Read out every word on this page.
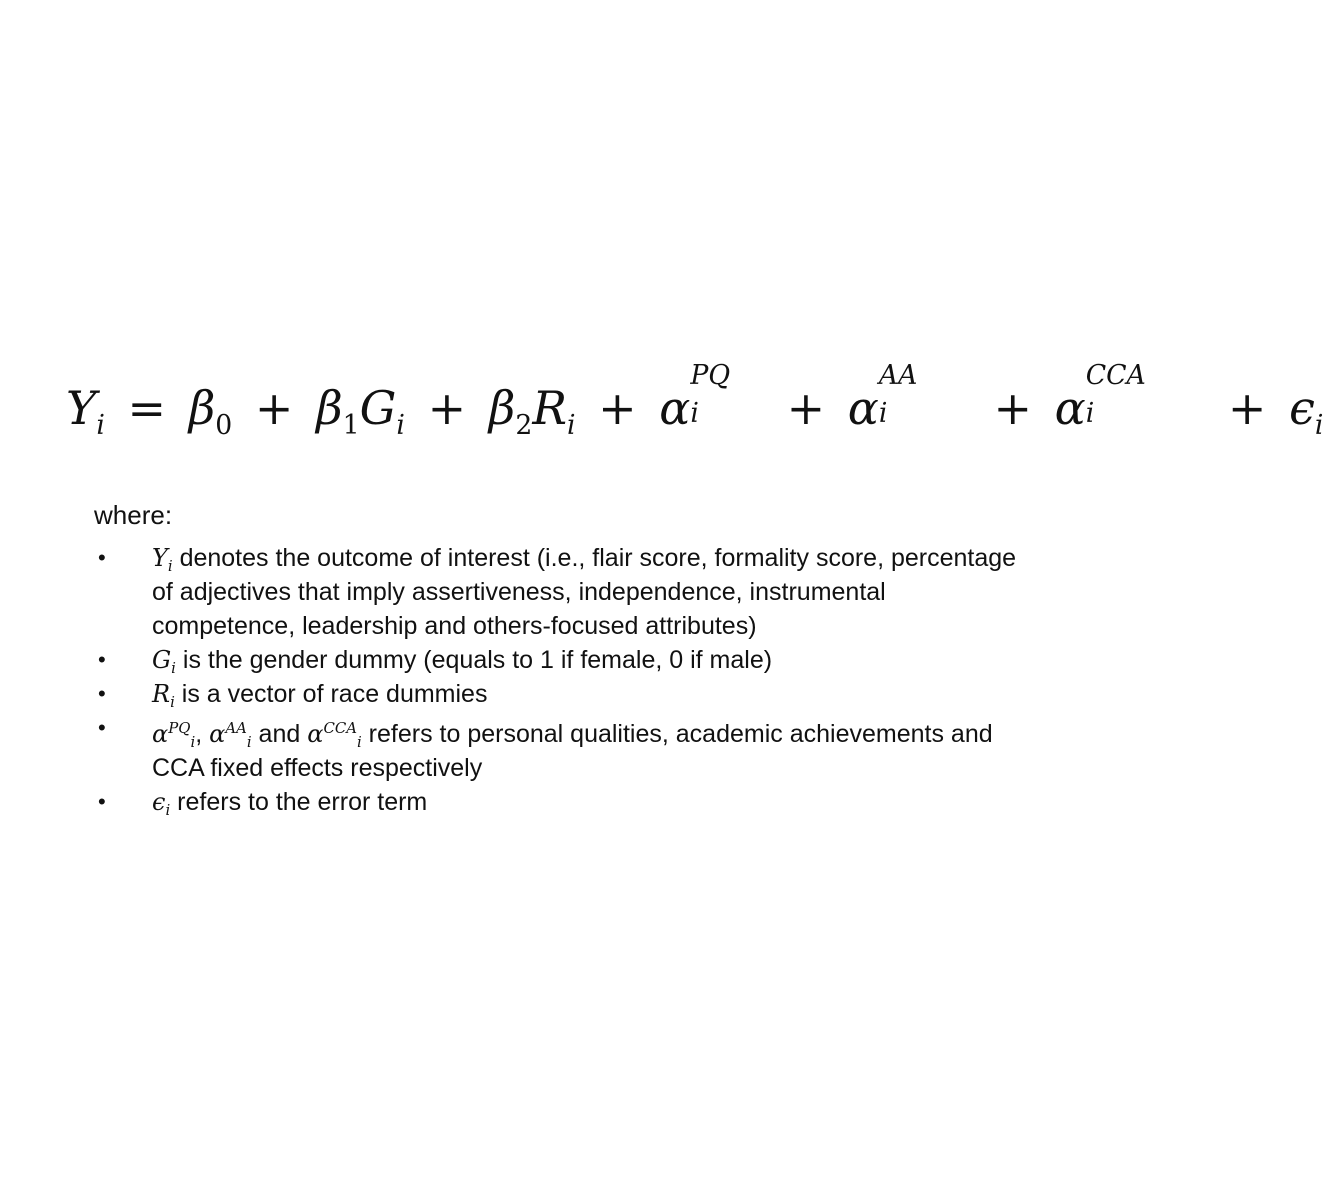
$Y_i = \beta_0 + \beta_1G_i + \beta_2R_i + \alpha$
PQ
i + α
AA
i + α
CCA
i	+ $\epsilon_i$

where:

• $Y_i$ denotes the outcome of interest (i.e., flair score, formality score, percentage
of adjectives that imply assertiveness, independence, instrumental
competence, leadership and others-focused attributes)
• $G_i$ is the gender dummy (equals to 1 if female, 0 if male)
• $R_i$ is a vector of race dummies
• $\alpha^{PQ}_i$, $\alpha^{AA}_i$ and $\alpha^{CCA}_i$ refers to personal qualities, academic achievements and
CCA fixed effects respectively
• $\epsilon_i$ refers to the error term
